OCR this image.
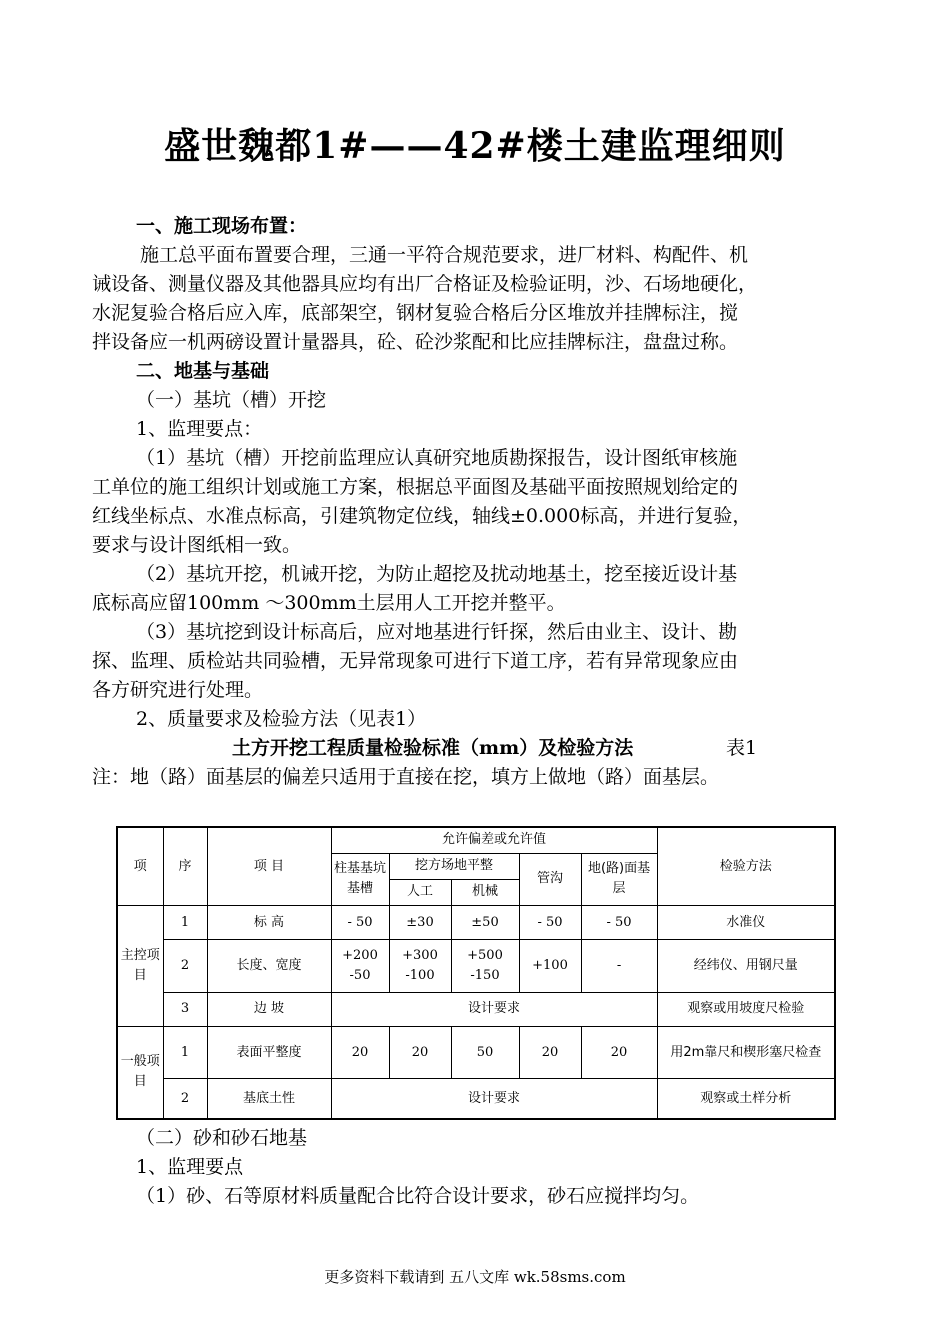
盛世魏都1#——42#楼土建监理细则
一、施工现场布置：
施工总平面布置要合理，三通一平符合规范要求，进厂材料、构配件、机
诫设备、测量仪器及其他器具应均有出厂合格证及检验证明，沙、石场地硬化，
水泥复验合格后应入库，底部架空，钢材复验合格后分区堆放并挂牌标注，搅
拌设备应一机两磅设置计量器具，砼、砼沙浆配和比应挂牌标注，盘盘过称。
二、地基与基础
（一）基坑（槽）开挖
1、监理要点：
（1）基坑（槽）开挖前监理应认真研究地质勘探报告，设计图纸审核施
工单位的施工组织计划或施工方案，根据总平面图及基础平面按照规划给定的
红线坐标点、水准点标高，引建筑物定位线，轴线±0.000标高，并进行复验，
要求与设计图纸相一致。
（2）基坑开挖，机诫开挖，为防止超挖及扰动地基土，挖至接近设计基
底标高应留100mm ～300mm土层用人工开挖并整平。
（3）基坑挖到设计标高后，应对地基进行钎探，然后由业主、设计、勘
探、监理、质检站共同验槽，无异常现象可进行下道工序，若有异常现象应由
各方研究进行处理。
2、质量要求及检验方法（见表1）
土方开挖工程质量检验标准（mm）及检验方法	表1
注：地（路）面基层的偏差只适用于直接在挖，填方上做地（路）面基层。
项	序	项 目	允许偏差或允许值					检验方法
			柱基基坑基槽	挖方场地平整		管沟	地(路)面基层	
				人工	机械			
主控项目	1	标 高	- 50	±30	±50	- 50	- 50	水准仪
	2	长度、宽度	+200 -50	+300 -100	+500 -150	+100	-	经纬仪、用钢尺量
	3	边 坡	设计要求					观察或用坡度尺检验
一般项目	1	表面平整度	20	20	50	20	20	用2m靠尺和楔形塞尺检查
	2	基底土性	设计要求					观察或土样分析
（二）砂和砂石地基
1、监理要点
（1）砂、石等原材料质量配合比符合设计要求，砂石应搅拌均匀。
更多资料下载请到 五八文库 wk.58sms.com
